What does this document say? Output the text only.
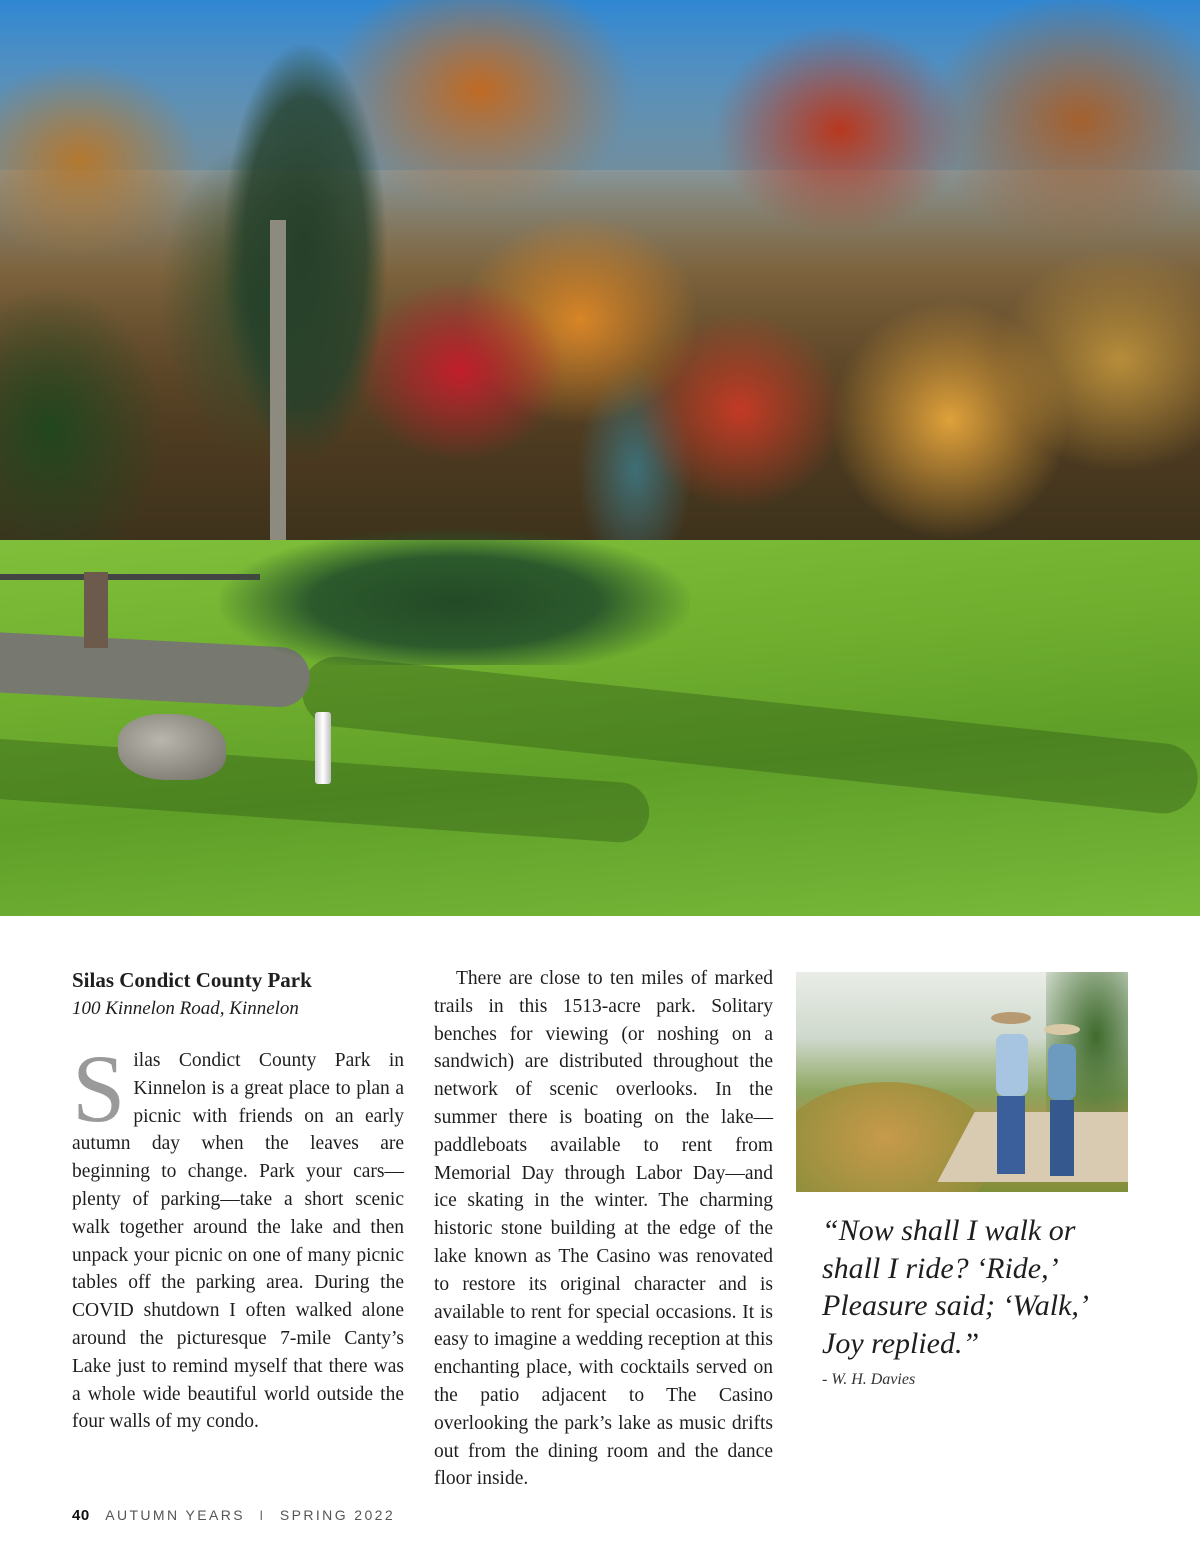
Silas Condict County Park

100 Kinnelon Road, Kinnelon

Silas Condict County Park in Kinnelon is a great place to plan a picnic with friends on an early autumn day when the leaves are beginning to change. Park your cars—plenty of parking—take a short scenic walk together around the lake and then unpack your picnic on one of many picnic tables off the parking area. During the COVID shutdown I often walked alone around the picturesque 7-mile Canty’s Lake just to remind myself that there was a whole wide beautiful world outside the four walls of my condo.

There are close to ten miles of marked trails in this 1513-acre park. Solitary benches for viewing (or noshing on a sandwich) are distributed throughout the network of scenic overlooks. In the summer there is boating on the lake—paddleboats available to rent from Memorial Day through Labor Day—and ice skating in the winter. The charming historic stone building at the edge of the lake known as The Casino was renovated to restore its original character and is available to rent for special occasions. It is easy to imagine a wedding reception at this enchanting place, with cocktails served on the patio adjacent to The Casino overlooking the park’s lake as music drifts out from the dining room and the dance floor inside.

“Now shall I walk or shall I ride? ‘Ride,’ Pleasure said; ‘Walk,’ Joy replied.”

- W. H. Davies

40 AUTUMN YEARS I SPRING 2022
